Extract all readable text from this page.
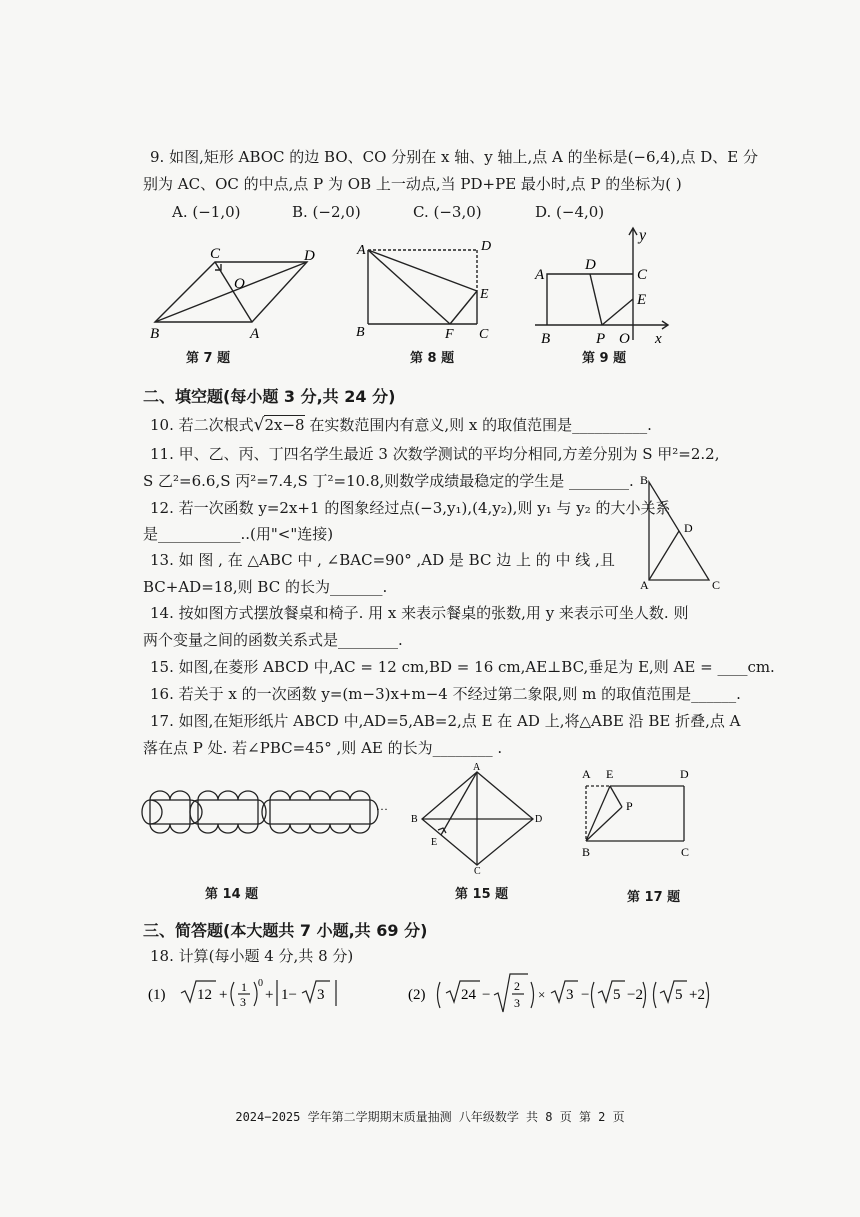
9. 如图,矩形 ABOC 的边 BO、CO 分别在 x 轴、y 轴上,点 A 的坐标是(−6,4),点 D、E 分
别为 AC、OC 的中点,点 P 为 OB 上一动点,当 PD+PE 最小时,点 P 的坐标为( )
A. (−1,0)	B. (−2,0)	C. (−3,0)	D. (−4,0)
C	D
O
B	A
第 7 题
A	D
E
B	F C
第 8 题
y
A
D
C
E
B	P O x
第 9 题
二、填空题(每小题 3 分,共 24 分)
10. 若二次根式√2x−8 在实数范围内有意义,则 x 的取值范围是__________.
11. 甲、乙、丙、丁四名学生最近 3 次数学测试的平均分相同,方差分别为 S 甲²=2.2,
S 乙²=6.6,S 丙²=7.4,S 丁²=10.8,则数学成绩最稳定的学生是 ________.
12. 若一次函数 y=2x+1 的图象经过点(−3,y₁),(4,y₂),则 y₁ 与 y₂ 的大小关系
是___________..(用"<"连接)
13. 如 图 , 在 △ABC 中 , ∠BAC=90° ,AD 是 BC 边 上 的 中 线 ,且
BC+AD=18,则 BC 的长为_______.
B
D
A	C
14. 按如图方式摆放餐桌和椅子. 用 x 来表示餐桌的张数,用 y 来表示可坐人数. 则
两个变量之间的函数关系式是________.
15. 如图,在菱形 ABCD 中,AC = 12 cm,BD = 16 cm,AE⊥BC,垂足为 E,则 AE = ____cm.
16. 若关于 x 的一次函数 y=(m−3)x+m−4 不经过第二象限,则 m 的取值范围是______.
17. 如图,在矩形纸片 ABCD 中,AD=5,AB=2,点 E 在 AD 上,将△ABE 沿 BE 折叠,点 A
落在点 P 处. 若∠PBC=45° ,则 AE 的长为________ .
···
第 14 题
A
B	D
E
C
第 15 题
A E	D
P
B	C
第 17 题
三、简答题(本大题共 7 小题,共 69 分)
18. 计算(每小题 4 分,共 8 分)
(1) 12 + 1
3
0
+ 1− 3	(2) 24 −
2
3
× 3 − 5 −2 5 +2
2024−2025 学年第二学期期末质量抽测 八年级数学 共 8 页 第 2 页
